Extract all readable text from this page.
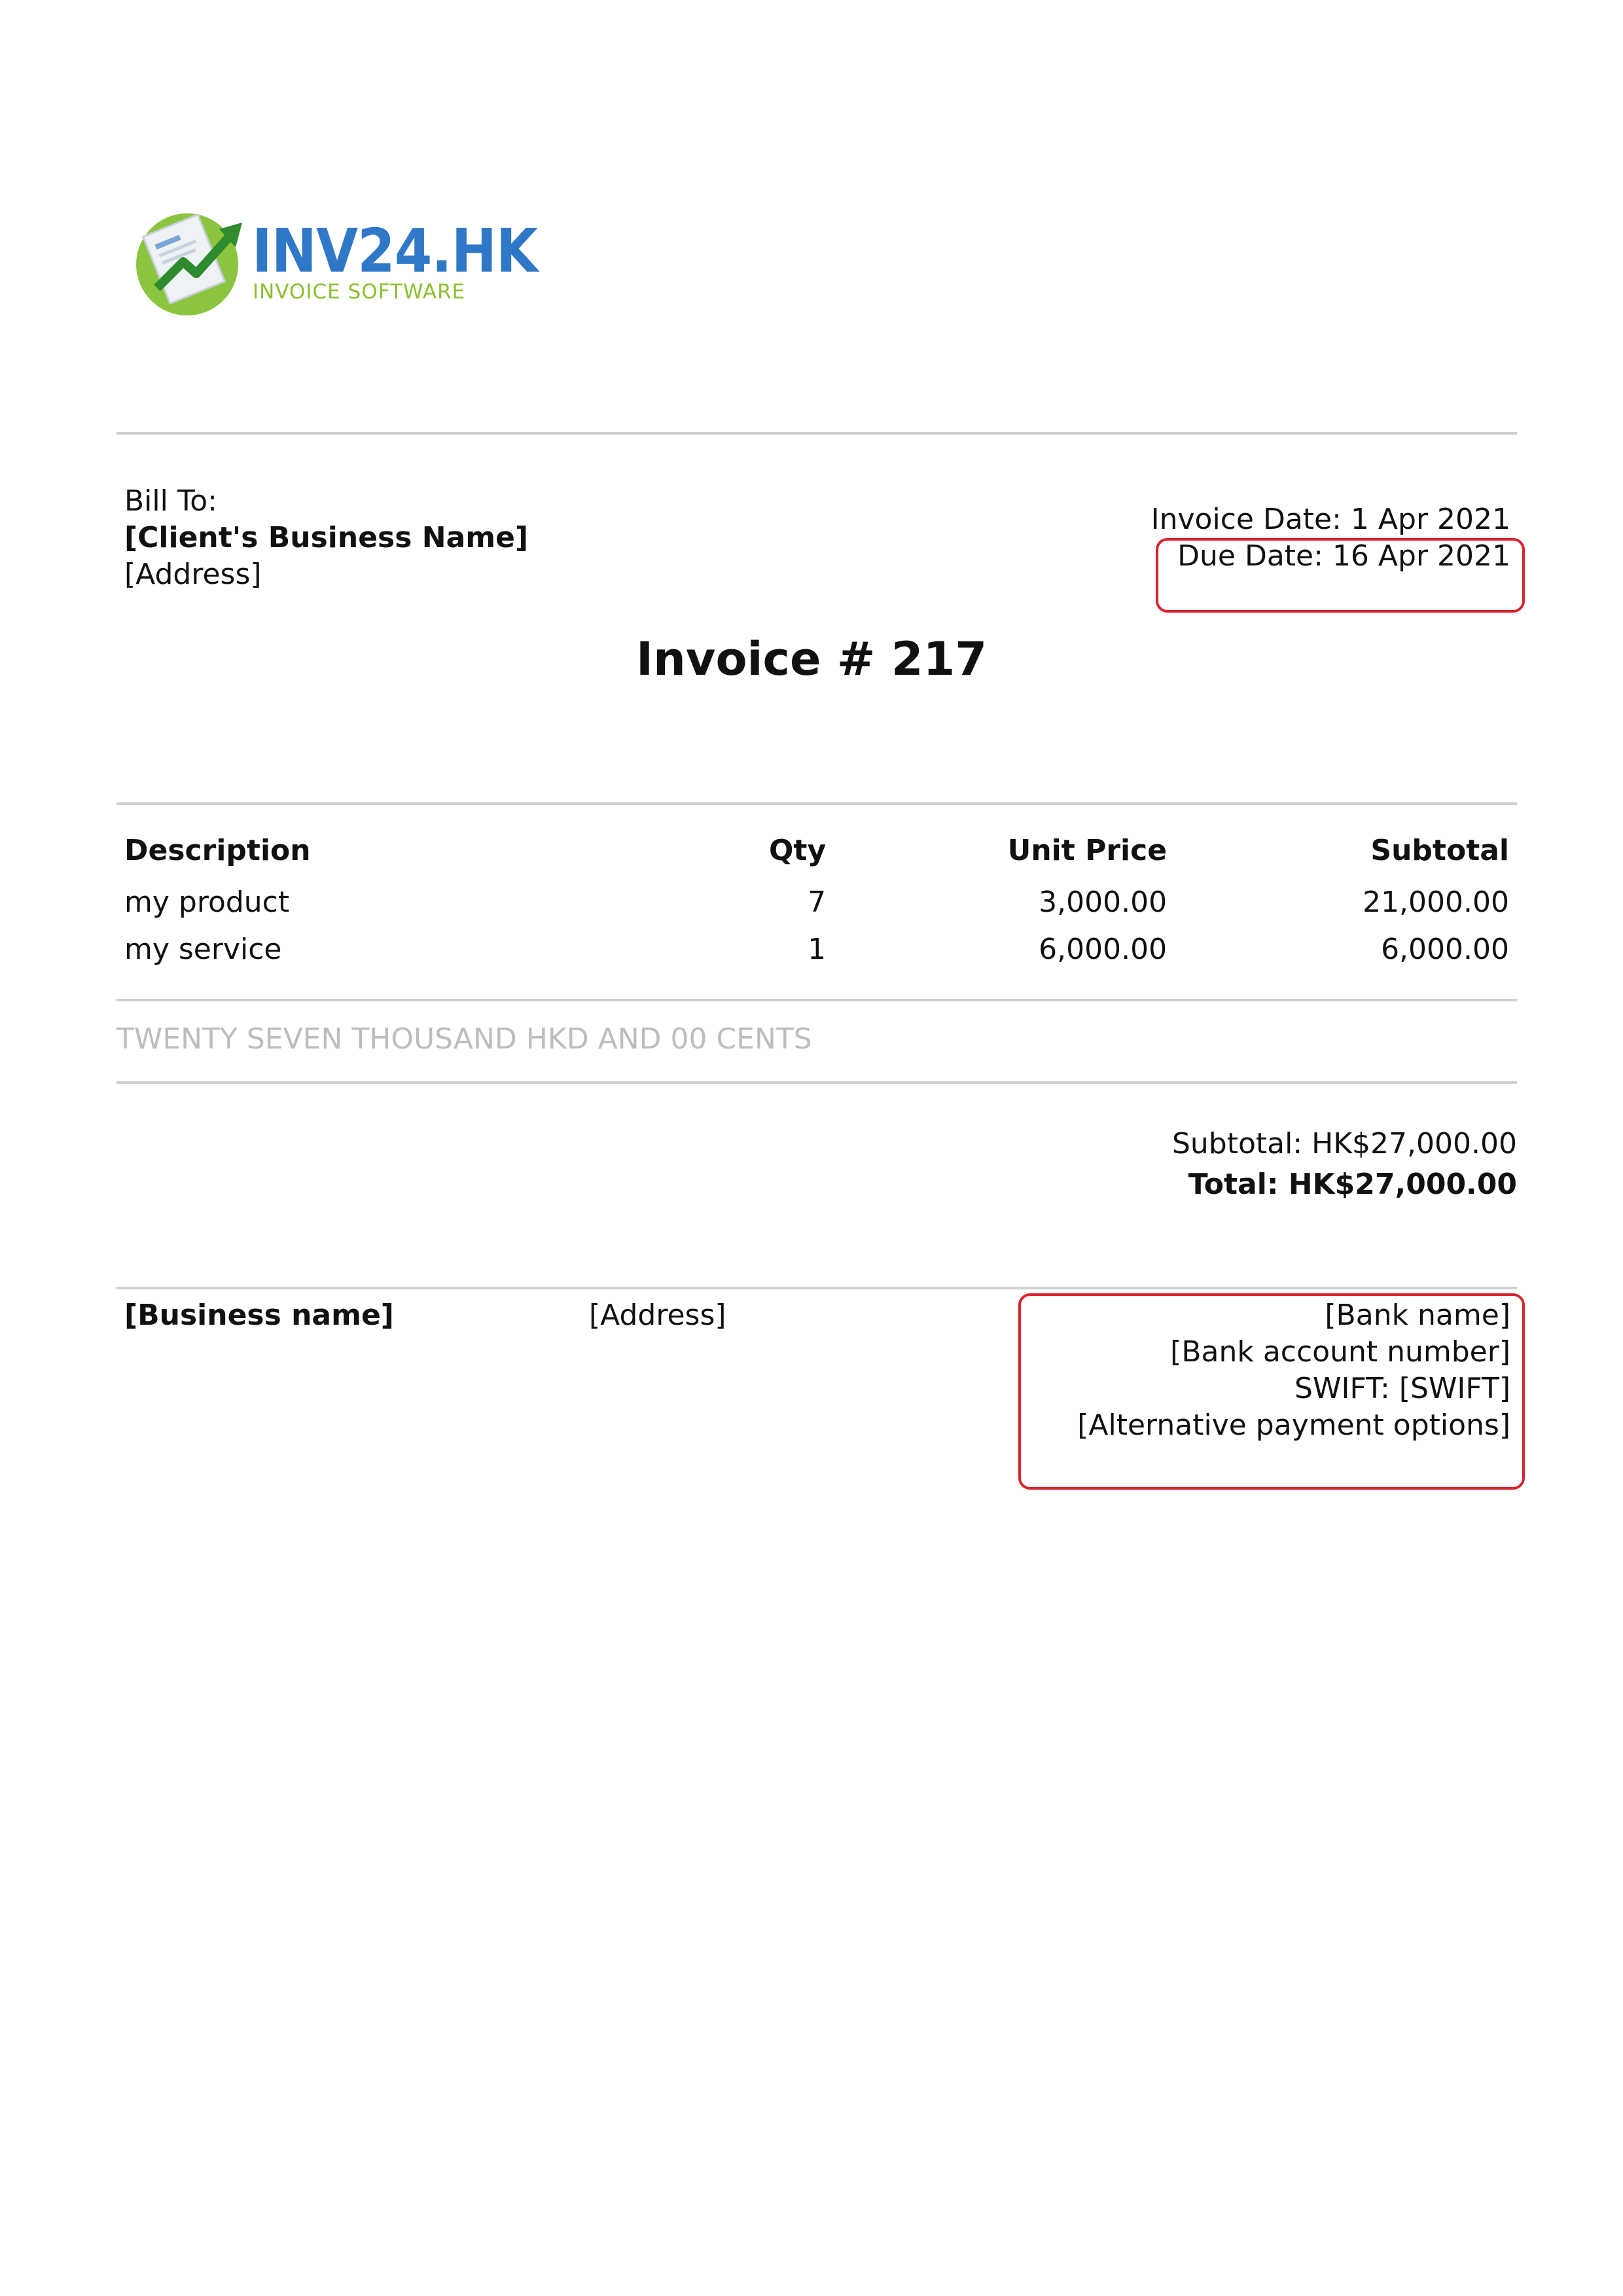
INV24.HK
INVOICE SOFTWARE
Bill To:
[Client's Business Name]
[Address]
Invoice Date: 1 Apr 2021
Due Date: 16 Apr 2021
Invoice # 217
Description	Qty	Unit Price	Subtotal
my product	7	3,000.00	21,000.00
my service	1	6,000.00	6,000.00
TWENTY SEVEN THOUSAND HKD AND 00 CENTS
Subtotal: HK$27,000.00
Total: HK$27,000.00
[Business name]	[Address]	[Bank name]
[Bank account number]
SWIFT: [SWIFT]
[Alternative payment options]
